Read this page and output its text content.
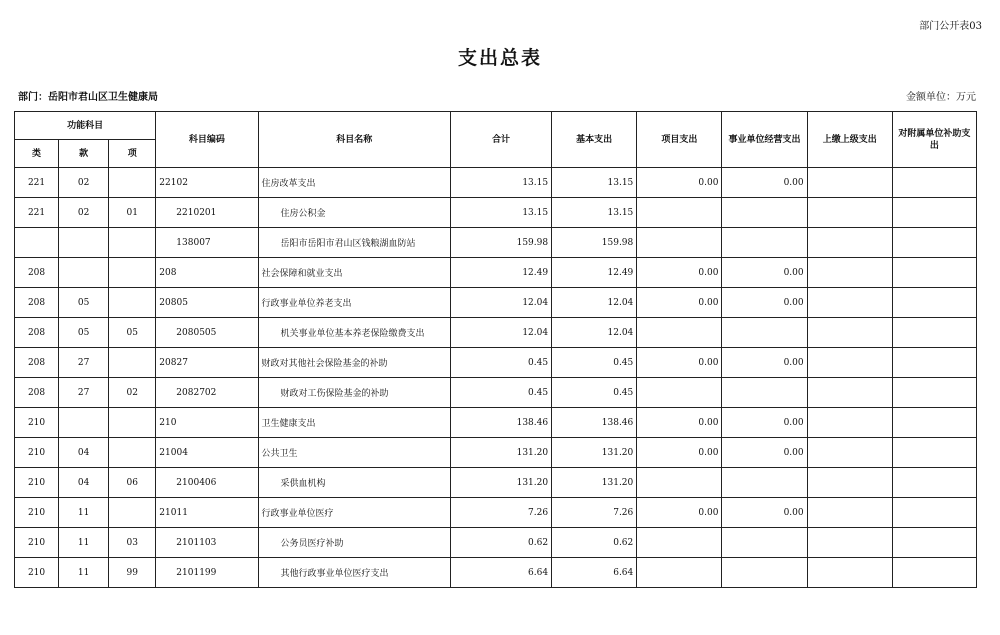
部门公开表03
支出总表
部门：岳阳市君山区卫生健康局	金额单位：万元
功能科目			科目编码	科目名称	合计	基本支出	项目支出	事业单位经营支出	上缴上级支出	对附属单位补助支出
类	款	项								
221	02		22102	住房改革支出	13.15	13.15	0.00	0.00		
221	02	01	2210201	住房公积金	13.15	13.15				
			138007	岳阳市岳阳市君山区钱粮湖血防站	159.98	159.98				
208			208	社会保障和就业支出	12.49	12.49	0.00	0.00		
208	05		20805	行政事业单位养老支出	12.04	12.04	0.00	0.00		
208	05	05	2080505	机关事业单位基本养老保险缴费支出	12.04	12.04				
208	27		20827	财政对其他社会保险基金的补助	0.45	0.45	0.00	0.00		
208	27	02	2082702	财政对工伤保险基金的补助	0.45	0.45				
210			210	卫生健康支出	138.46	138.46	0.00	0.00		
210	04		21004	公共卫生	131.20	131.20	0.00	0.00		
210	04	06	2100406	采供血机构	131.20	131.20				
210	11		21011	行政事业单位医疗	7.26	7.26	0.00	0.00		
210	11	03	2101103	公务员医疗补助	0.62	0.62				
210	11	99	2101199	其他行政事业单位医疗支出	6.64	6.64				
